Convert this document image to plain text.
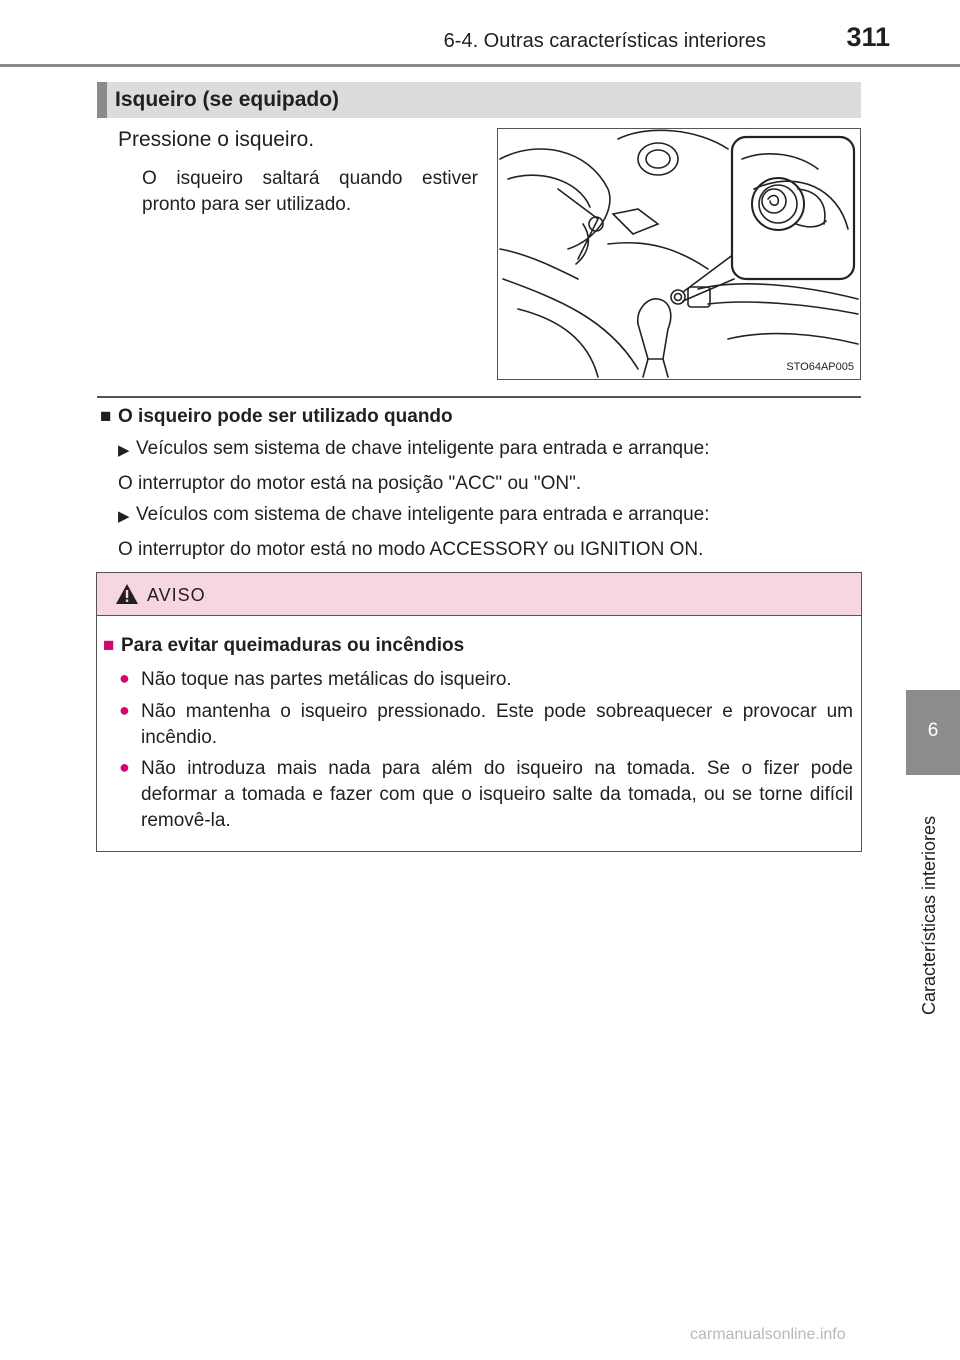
6-4. Outras características interiores	311
6
Características interiores
Isqueiro (se equipado)
Pressione o isqueiro.
O isqueiro saltará quando estiver pronto para ser utilizado.
STO64AP005
■ O isqueiro pode ser utilizado quando
▶ Veículos sem sistema de chave inteligente para entrada e arranque:
O interruptor do motor está na posição "ACC" ou "ON".
▶ Veículos com sistema de chave inteligente para entrada e arranque:
O interruptor do motor está no modo ACCESSORY ou IGNITION ON.
AVISO
■ Para evitar queimaduras ou incêndios
● Não toque nas partes metálicas do isqueiro.
● Não mantenha o isqueiro pressionado. Este pode sobreaquecer e provocar um incêndio.
● Não introduza mais nada para além do isqueiro na tomada. Se o fizer pode deformar a tomada e fazer com que o isqueiro salte da tomada, ou se torne difícil removê-la.
carmanualsonline.info
